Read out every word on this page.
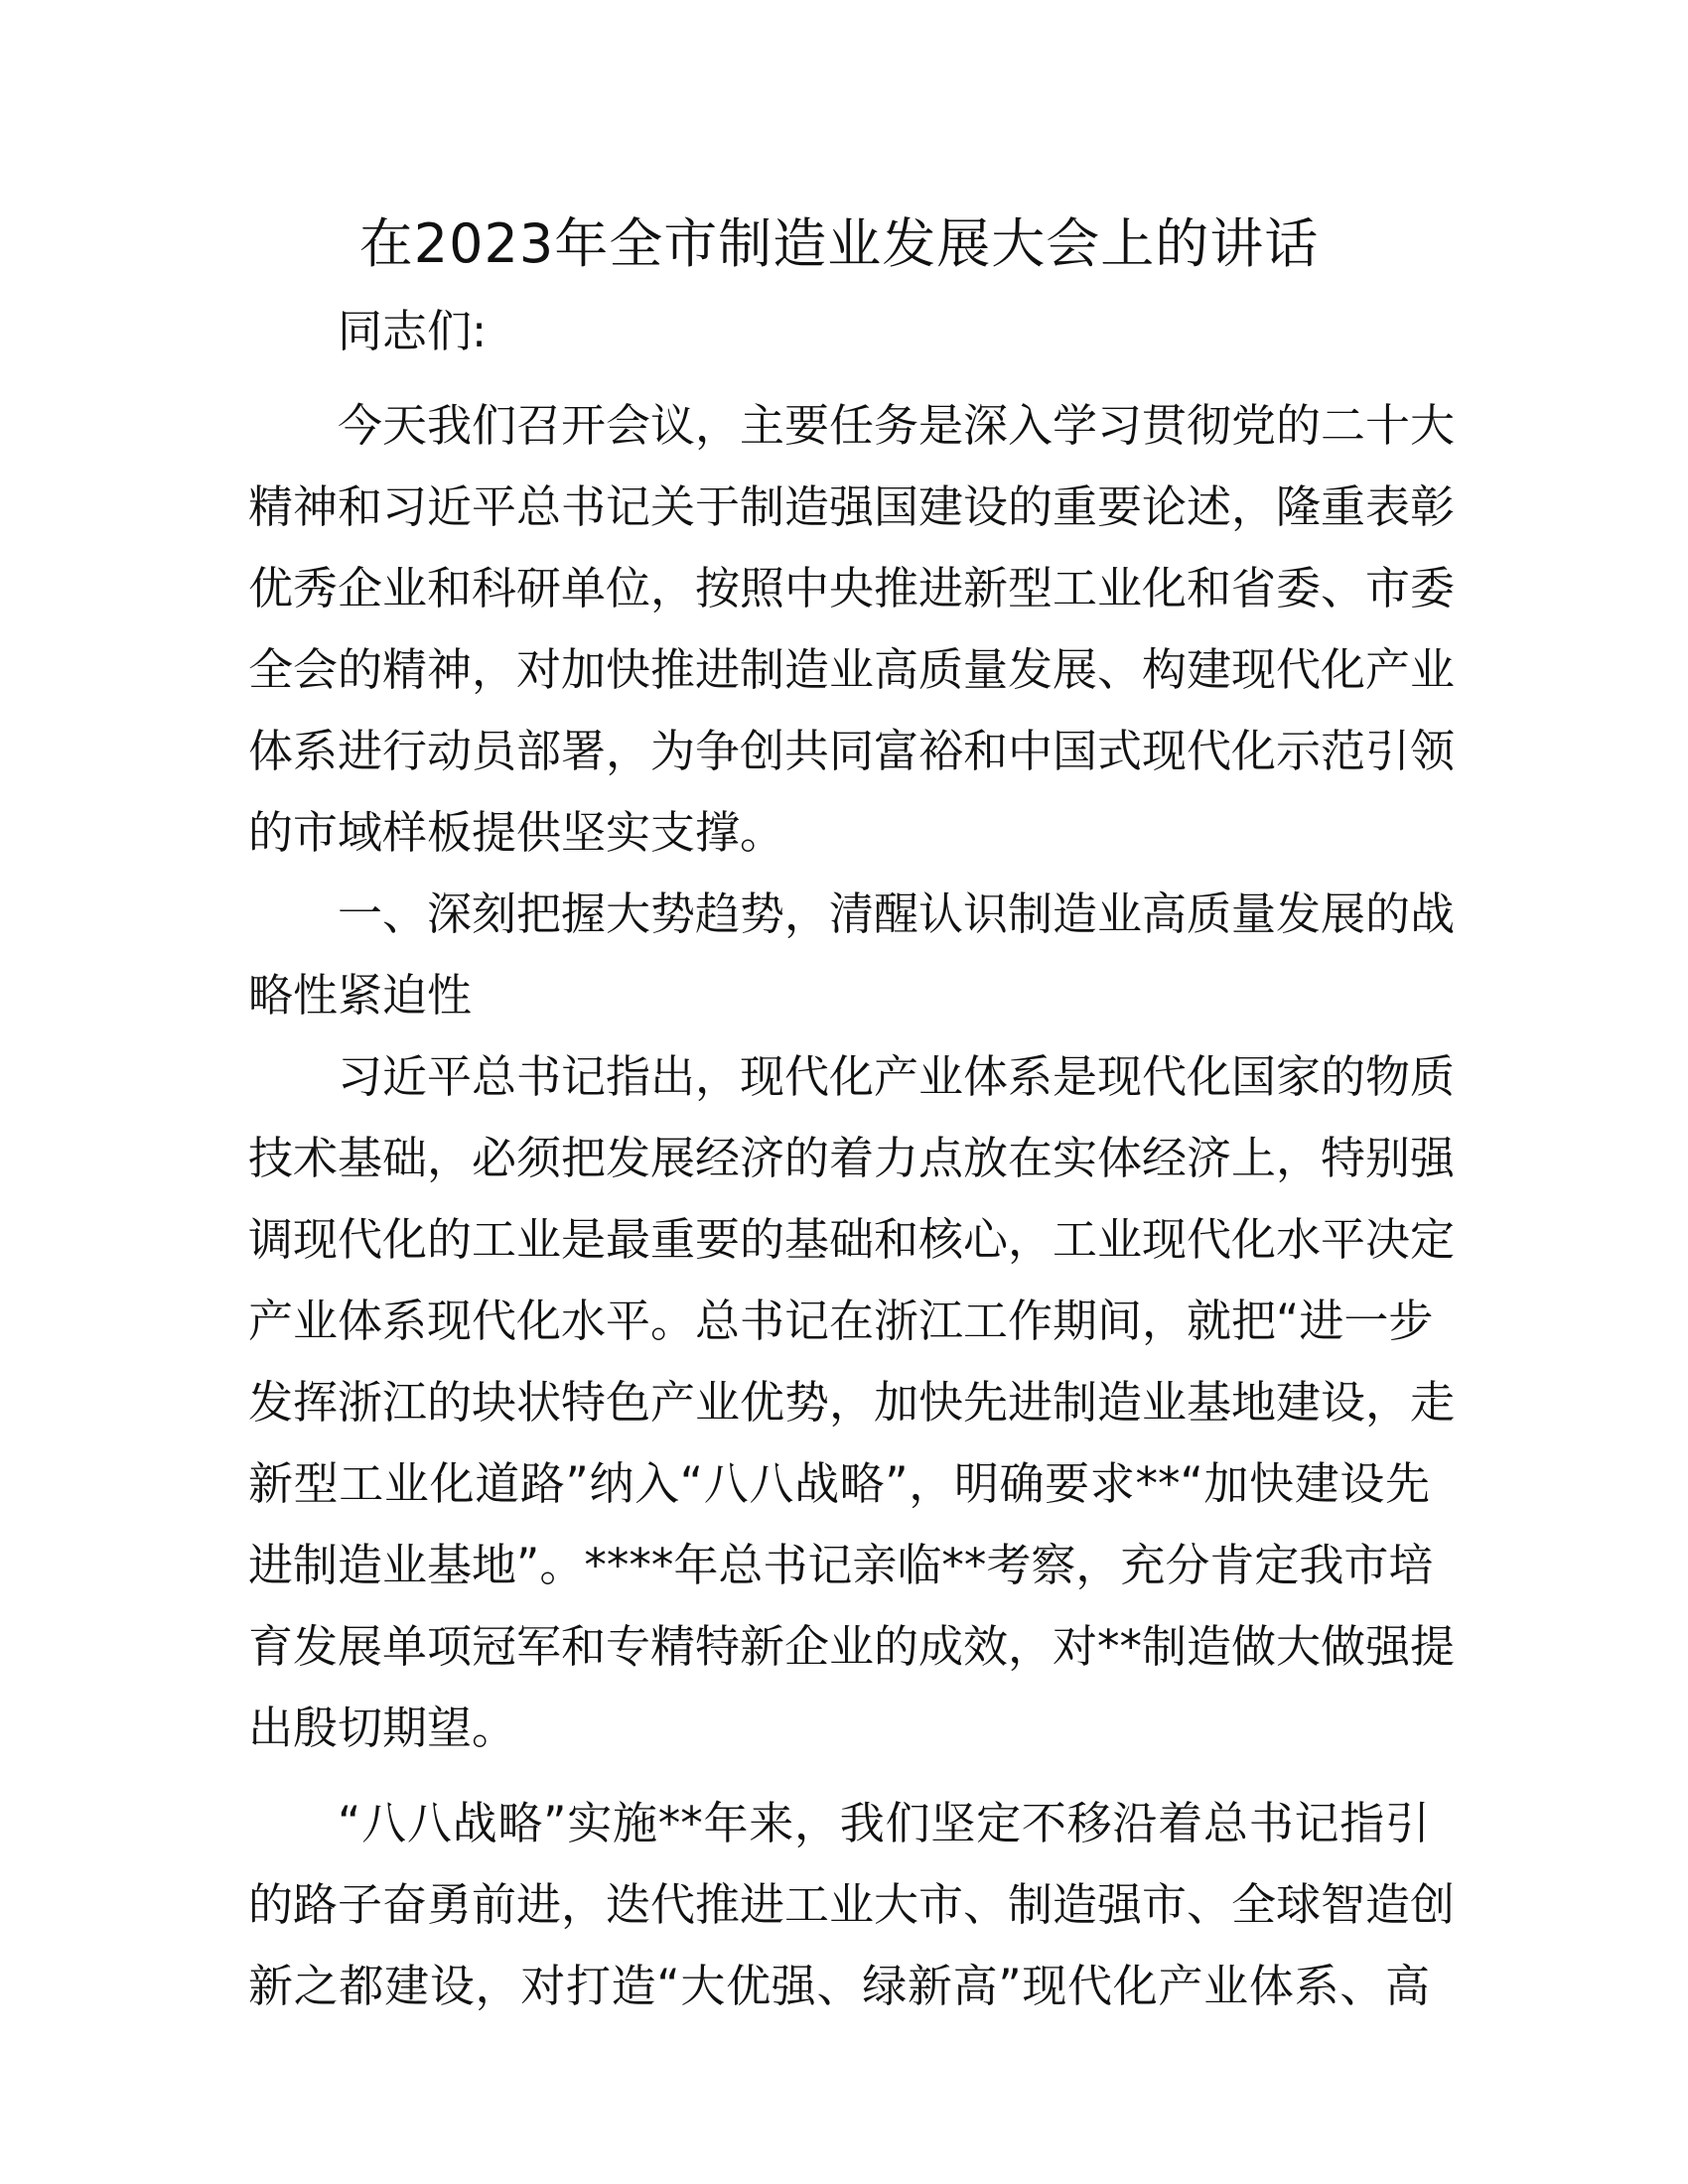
在2023年全市制造业发展大会上的讲话

同志们:

今天我们召开会议，主要任务是深入学习贯彻党的二十大
精神和习近平总书记关于制造强国建设的重要论述，隆重表彰
优秀企业和科研单位，按照中央推进新型工业化和省委、市委
全会的精神，对加快推进制造业高质量发展、构建现代化产业
体系进行动员部署，为争创共同富裕和中国式现代化示范引领
的市域样板提供坚实支撑。
一、深刻把握大势趋势，清醒认识制造业高质量发展的战
略性紧迫性
习近平总书记指出，现代化产业体系是现代化国家的物质
技术基础，必须把发展经济的着力点放在实体经济上，特别强
调现代化的工业是最重要的基础和核心，工业现代化水平决定
产业体系现代化水平。总书记在浙江工作期间，就把“进一步
发挥浙江的块状特色产业优势，加快先进制造业基地建设，走
新型工业化道路”纳入“八八战略”，明确要求**“加快建设先
进制造业基地”。****年总书记亲临**考察，充分肯定我市培
育发展单项冠军和专精特新企业的成效，对**制造做大做强提
出殷切期望。
“八八战略”实施**年来，我们坚定不移沿着总书记指引
的路子奋勇前进，迭代推进工业大市、制造强市、全球智造创
新之都建设，对打造“大优强、绿新高”现代化产业体系、高
